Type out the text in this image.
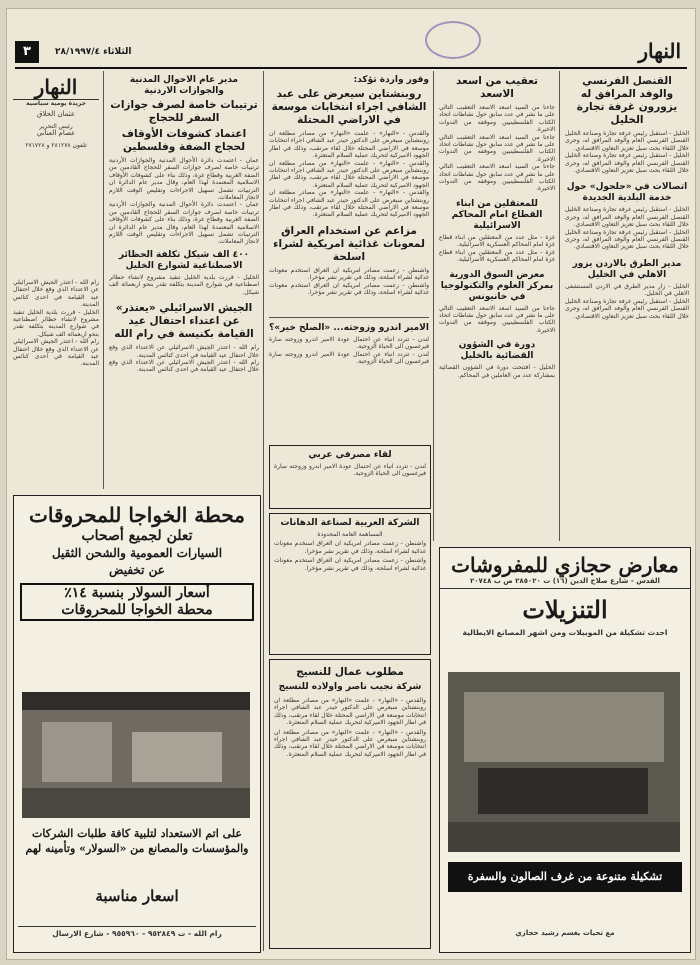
النهار
الثلاثاء ٢٨/١٩٩٧/٤
٣
القنصل الفرنسي والوفد المرافق له يزورون غرفة تجارة الخليل

الخليل - استقبل رئيس غرفة تجارة وصناعة الخليل القنصل الفرنسي العام والوفد المرافق له، وجرى خلال اللقاء بحث سبل تعزيز التعاون الاقتصادي.

الخليل - استقبل رئيس غرفة تجارة وصناعة الخليل القنصل الفرنسي العام والوفد المرافق له، وجرى خلال اللقاء بحث سبل تعزيز التعاون الاقتصادي.

اتصالات في «حلحول» حول خدمة البلدية الجديدة

الخليل - استقبل رئيس غرفة تجارة وصناعة الخليل القنصل الفرنسي العام والوفد المرافق له، وجرى خلال اللقاء بحث سبل تعزيز التعاون الاقتصادي.

الخليل - استقبل رئيس غرفة تجارة وصناعة الخليل القنصل الفرنسي العام والوفد المرافق له، وجرى خلال اللقاء بحث سبل تعزيز التعاون الاقتصادي.

مدير الطرق بالاردن يزور الاهلي في الخليل

الخليل - زار مدير الطرق في الاردن المستشفى الاهلي في الخليل.

الخليل - استقبل رئيس غرفة تجارة وصناعة الخليل القنصل الفرنسي العام والوفد المرافق له، وجرى خلال اللقاء بحث سبل تعزيز التعاون الاقتصادي.

تعقيب من اسعد الاسعد

جاءنا من السيد اسعد الاسعد التعقيب التالي على ما نشر في عدد سابق حول نشاطات اتحاد الكتاب الفلسطينيين وموقفه من الندوات الاخيرة.

جاءنا من السيد اسعد الاسعد التعقيب التالي على ما نشر في عدد سابق حول نشاطات اتحاد الكتاب الفلسطينيين وموقفه من الندوات الاخيرة.

جاءنا من السيد اسعد الاسعد التعقيب التالي على ما نشر في عدد سابق حول نشاطات اتحاد الكتاب الفلسطينيين وموقفه من الندوات الاخيرة.

للمعتقلين من ابناء القطاع امام المحاكم الاسرائيلية

غزة - مثل عدد من المعتقلين من ابناء قطاع غزة امام المحاكم العسكرية الاسرائيلية.

غزة - مثل عدد من المعتقلين من ابناء قطاع غزة امام المحاكم العسكرية الاسرائيلية.

معرض السوق الدورية بمركز العلوم والتكنولوجيا في خانيونس

جاءنا من السيد اسعد الاسعد التعقيب التالي على ما نشر في عدد سابق حول نشاطات اتحاد الكتاب الفلسطينيين وموقفه من الندوات الاخيرة.

دورة في الشؤون القضائية بالخليل

الخليل - افتتحت دورة في الشؤون القضائية بمشاركة عدد من العاملين في المحاكم.

وقور واردة تؤكد:
روبنشتاين سيعرض على عبد الشافي اجراء انتخابات موسعة في الاراضي المحتلة

والقدس - «النهار» - علمت «النهار» من مصادر مطلعة ان روبنشتاين سيعرض على الدكتور حيدر عبد الشافي اجراء انتخابات موسعة في الاراضي المحتلة خلال لقاء مرتقب، وذلك في اطار الجهود الاميركية لتحريك عملية السلام المتعثرة.

والقدس - «النهار» - علمت «النهار» من مصادر مطلعة ان روبنشتاين سيعرض على الدكتور حيدر عبد الشافي اجراء انتخابات موسعة في الاراضي المحتلة خلال لقاء مرتقب، وذلك في اطار الجهود الاميركية لتحريك عملية السلام المتعثرة.

والقدس - «النهار» - علمت «النهار» من مصادر مطلعة ان روبنشتاين سيعرض على الدكتور حيدر عبد الشافي اجراء انتخابات موسعة في الاراضي المحتلة خلال لقاء مرتقب، وذلك في اطار الجهود الاميركية لتحريك عملية السلام المتعثرة.

مزاعم عن استخدام العراق لمعونات غذائية امريكية لشراء اسلحة

واشنطن - زعمت مصادر امريكية ان العراق استخدم معونات غذائية لشراء اسلحة، وذلك في تقرير نشر مؤخرا.

واشنطن - زعمت مصادر امريكية ان العراق استخدم معونات غذائية لشراء اسلحة، وذلك في تقرير نشر مؤخرا.

الامير اندرو وزوجته... «الصلح خير»؟

لندن - تتردد انباء عن احتمال عودة الامير اندرو وزوجته سارة فيرغسون الى الحياة الزوجية.

لندن - تتردد انباء عن احتمال عودة الامير اندرو وزوجته سارة فيرغسون الى الحياة الزوجية.

مدير عام الاحوال المدنية والجوازات الاردنية
ترتيبات خاصة لصرف جوازات السفر للحجاج
اعتماد كشوفات الأوقاف لحجاج الضفة وفلسطين

عمان - اعتمدت دائرة الأحوال المدنية والجوازات الأردنية ترتيبات خاصة لصرف جوازات السفر للحجاج القادمين من الضفة الغربية وقطاع غزة، وذلك بناء على كشوفات الأوقاف الاسلامية المعتمدة لهذا العام، وقال مدير عام الدائرة ان الترتيبات تشمل تسهيل الاجراءات وتقليص الوقت اللازم لانجاز المعاملات.

عمان - اعتمدت دائرة الأحوال المدنية والجوازات الأردنية ترتيبات خاصة لصرف جوازات السفر للحجاج القادمين من الضفة الغربية وقطاع غزة، وذلك بناء على كشوفات الأوقاف الاسلامية المعتمدة لهذا العام، وقال مدير عام الدائرة ان الترتيبات تشمل تسهيل الاجراءات وتقليص الوقت اللازم لانجاز المعاملات.

٤٠٠ الف شيكل تكلفة الحظائر الاصطناعية لشوارع الخليل

الخليل - قررت بلدية الخليل تنفيذ مشروع لانشاء حظائر اصطناعية في شوارع المدينة بتكلفة تقدر بنحو اربعمائة الف شيكل.

الجيش الاسرائيلي «يعتذر» عن اعتداء احتفال عيد القيامة بكنيسة في رام الله

رام الله - اعتذر الجيش الاسرائيلي عن الاعتداء الذي وقع خلال احتفال عيد القيامة في احدى كنائس المدينة.

رام الله - اعتذر الجيش الاسرائيلي عن الاعتداء الذي وقع خلال احتفال عيد القيامة في احدى كنائس المدينة.

النهار
جريدة يومية سياسية
عثمان الحلاق
رئيس التحرير
عصام العناني
تلفون ٢٨١٢٧٨ و ٢٧١٧٢٨

رام الله - اعتذر الجيش الاسرائيلي عن الاعتداء الذي وقع خلال احتفال عيد القيامة في احدى كنائس المدينة.

الخليل - قررت بلدية الخليل تنفيذ مشروع لانشاء حظائر اصطناعية في شوارع المدينة بتكلفة تقدر بنحو اربعمائة الف شيكل.

رام الله - اعتذر الجيش الاسرائيلي عن الاعتداء الذي وقع خلال احتفال عيد القيامة في احدى كنائس المدينة.

محطة الخواجا للمحروقات
تعلن لجميع أصحاب
السيارات العمومية والشحن الثقيل
عن تخفيض
أسعار السولار بنسبة ١٤٪
محطة الخواجا للمحروقات
على اتم الاستعداد لتلبية كافة طلبات الشركات والمؤسسات والمصانع من «السولار» وتأمينه لهم
اسعار مناسبة
رام الله - ت ٩٥٢٨٤٩ - ٩٥٥٩٦٠ - شارع الارسال
لقاء مصرفي عربي

لندن - تتردد انباء عن احتمال عودة الامير اندرو وزوجته سارة فيرغسون الى الحياة الزوجية.

الشركة العربية لصناعة الدهانات
المساهمة العامة المحدودة

واشنطن - زعمت مصادر امريكية ان العراق استخدم معونات غذائية لشراء اسلحة، وذلك في تقرير نشر مؤخرا.

واشنطن - زعمت مصادر امريكية ان العراق استخدم معونات غذائية لشراء اسلحة، وذلك في تقرير نشر مؤخرا.

مطلوب عمال للنسيج
شركة نجيب ناصر واولاده للنسيج

والقدس - «النهار» - علمت «النهار» من مصادر مطلعة ان روبنشتاين سيعرض على الدكتور حيدر عبد الشافي اجراء انتخابات موسعة في الاراضي المحتلة خلال لقاء مرتقب، وذلك في اطار الجهود الاميركية لتحريك عملية السلام المتعثرة.

والقدس - «النهار» - علمت «النهار» من مصادر مطلعة ان روبنشتاين سيعرض على الدكتور حيدر عبد الشافي اجراء انتخابات موسعة في الاراضي المحتلة خلال لقاء مرتقب، وذلك في اطار الجهود الاميركية لتحريك عملية السلام المتعثرة.

معارض حجازي للمفروشات
القدس - شارع صلاح الدين (١٦) ت ٢٨٥٠٢٠ ص ب ٢٠٧٤٨
التنزيلات
احدث تشكيلة من الموبيلات ومن اشهر المصانع الايطالية
تشكيلة متنوعة من غرف الصالون والسفرة
مع تحيات يغسم رشيد حجازي
